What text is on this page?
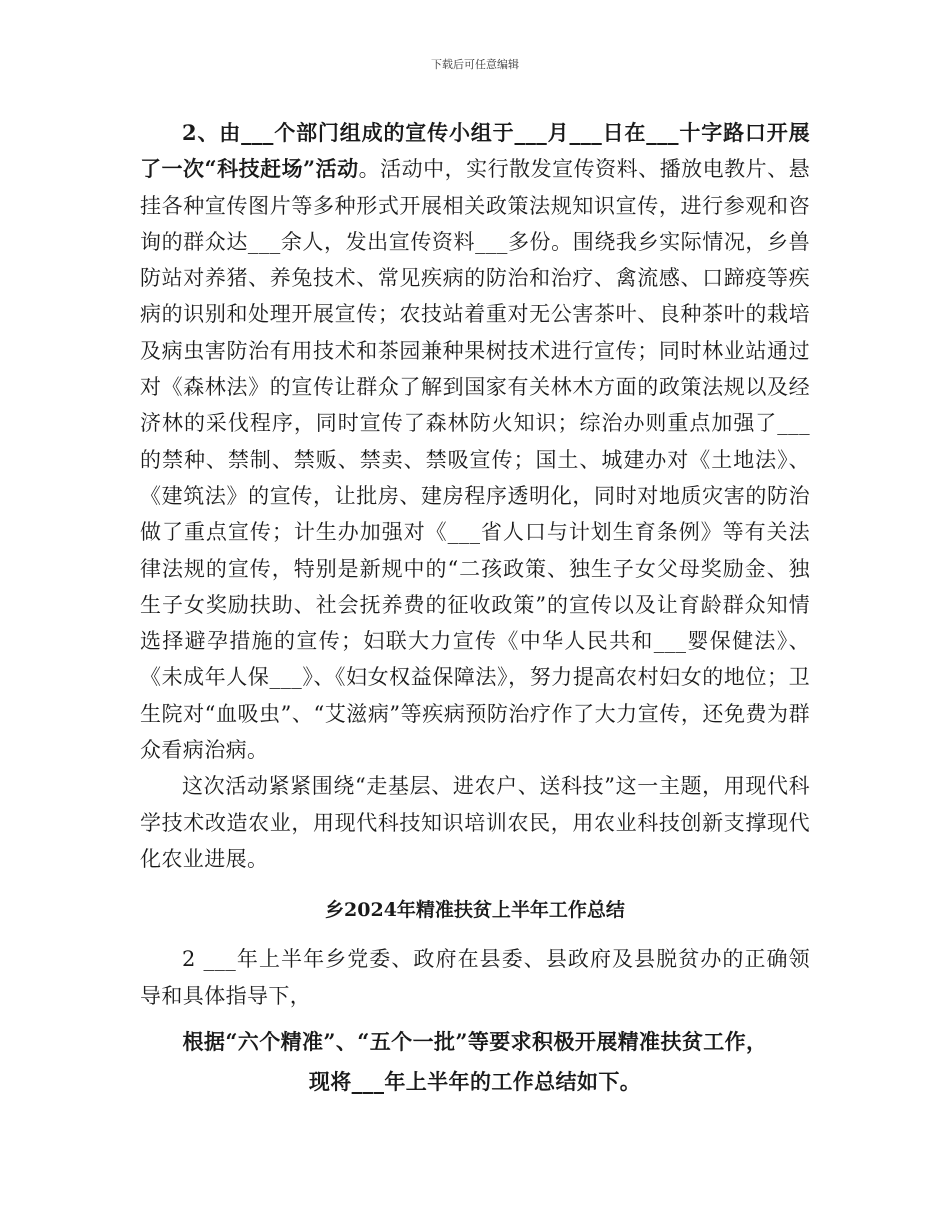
下载后可任意编辑

2、由___个部门组成的宣传小组于___月___日在___十字路口开展了一次“科技赶场”活动。活动中，实行散发宣传资料、播放电教片、悬挂各种宣传图片等多种形式开展相关政策法规知识宣传，进行参观和咨询的群众达___余人，发出宣传资料___多份。围绕我乡实际情况，乡兽防站对养猪、养兔技术、常见疾病的防治和治疗、禽流感、口蹄疫等疾病的识别和处理开展宣传；农技站着重对无公害茶叶、良种茶叶的栽培及病虫害防治有用技术和茶园兼种果树技术进行宣传；同时林业站通过对《森林法》的宣传让群众了解到国家有关林木方面的政策法规以及经济林的采伐程序，同时宣传了森林防火知识；综治办则重点加强了___的禁种、禁制、禁贩、禁卖、禁吸宣传；国土、城建办对《土地法》、《建筑法》的宣传，让批房、建房程序透明化，同时对地质灾害的防治做了重点宣传；计生办加强对《___省人口与计划生育条例》等有关法律法规的宣传，特别是新规中的“二孩政策、独生子女父母奖励金、独生子女奖励扶助、社会抚养费的征收政策”的宣传以及让育龄群众知情选择避孕措施的宣传；妇联大力宣传《中华人民共和___婴保健法》、《未成年人保___》、《妇女权益保障法》，努力提高农村妇女的地位；卫生院对“血吸虫”、“艾滋病”等疾病预防治疗作了大力宣传，还免费为群众看病治病。

这次活动紧紧围绕“走基层、进农户、送科技”这一主题，用现代科学技术改造农业，用现代科技知识培训农民，用农业科技创新支撑现代化农业进展。

乡2024年精准扶贫上半年工作总结

2 ___年上半年乡党委、政府在县委、县政府及县脱贫办的正确领导和具体指导下，

根据“六个精准”、“五个一批”等要求积极开展精准扶贫工作，

现将___年上半年的工作总结如下。
